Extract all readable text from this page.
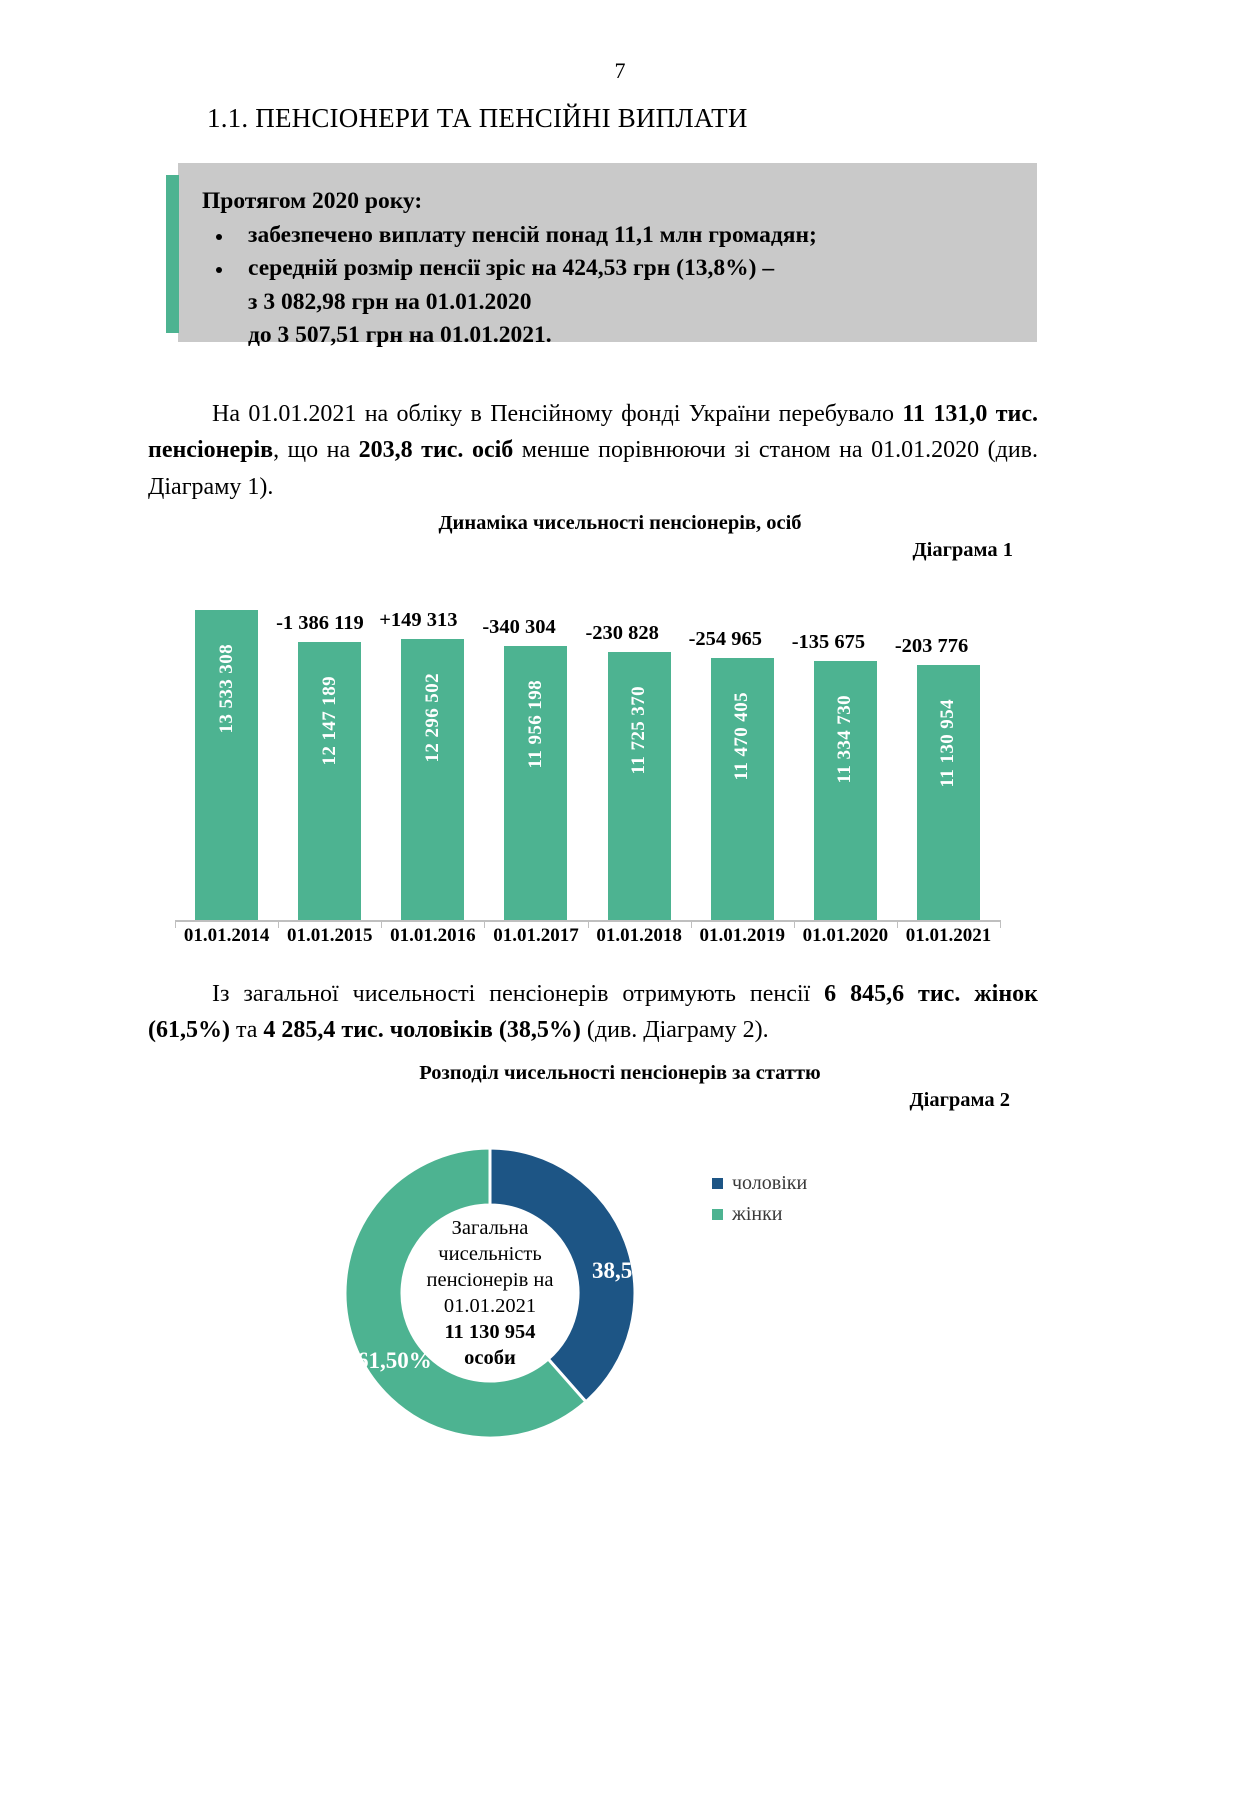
7
1.1. ПЕНСІОНЕРИ ТА ПЕНСІЙНІ ВИПЛАТИ
Протягом 2020 року:
• забезпечено виплату пенсій понад 11,1 млн громадян;
• середній розмір пенсії зріс на 424,53 грн (13,8%) –
з 3 082,98 грн на 01.01.2020
до 3 507,51 грн на 01.01.2021.

На 01.01.2021 на обліку в Пенсійному фонді України перебувало 11 131,0 тис. пенсіонерів, що на 203,8 тис. осіб менше порівнюючи зі станом на 01.01.2020 (див. Діаграму 1).

Динаміка чисельності пенсіонерів, осіб
Діаграма 1
13 533 308	12 147 189	12 296 502	11 956 198	11 725 370	11 470 405	11 334 730	11 130 954

Із загальної чисельності пенсіонерів отримують пенсії 6 845,6 тис. жінок (61,5%) та 4 285,4 тис. чоловіків (38,5%) (див. Діаграму 2).

Розподіл чисельності пенсіонерів за статтю
Діаграма 2
Загальна
чисельність
пенсіонерів на
01.01.2021
11 130 954
особи
38,50%
61,50%
чоловіки
жінки
01.01.2014 01.01.2015 01.01.2016 01.01.2017 01.01.2018 01.01.2019 01.01.2020 01.01.2021
-1 386 119 +149 313 -340 304 -230 828 -254 965 -135 675 -203 776
